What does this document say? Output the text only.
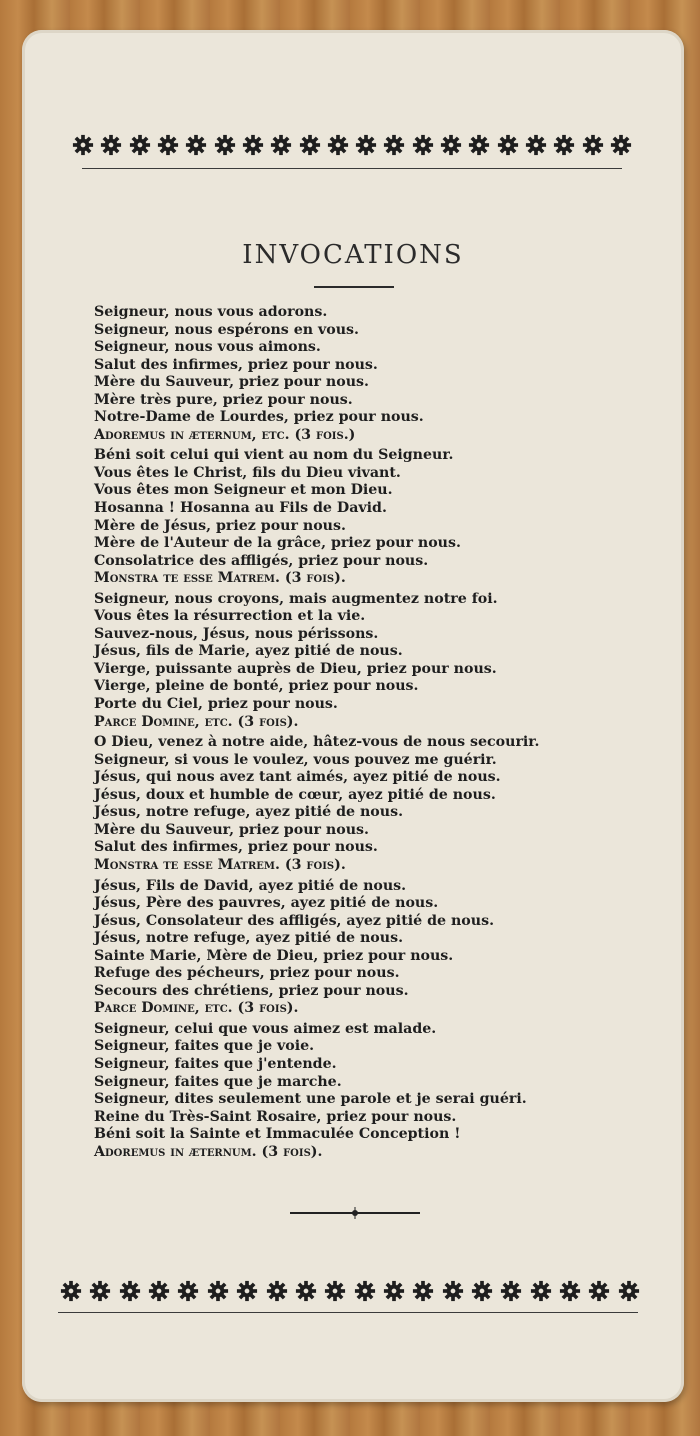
INVOCATIONS
Seigneur, nous vous adorons.
Seigneur, nous espérons en vous.
Seigneur, nous vous aimons.
Salut des infirmes, priez pour nous.
Mère du Sauveur, priez pour nous.
Mère très pure, priez pour nous.
Notre-Dame de Lourdes, priez pour nous.
Adoremus in æternum, etc. (3 fois.)
Béni soit celui qui vient au nom du Seigneur.
Vous êtes le Christ, fils du Dieu vivant.
Vous êtes mon Seigneur et mon Dieu.
Hosanna ! Hosanna au Fils de David.
Mère de Jésus, priez pour nous.
Mère de l'Auteur de la grâce, priez pour nous.
Consolatrice des affligés, priez pour nous.
Monstra te esse Matrem. (3 fois).
Seigneur, nous croyons, mais augmentez notre foi.
Vous êtes la résurrection et la vie.
Sauvez-nous, Jésus, nous périssons.
Jésus, fils de Marie, ayez pitié de nous.
Vierge, puissante auprès de Dieu, priez pour nous.
Vierge, pleine de bonté, priez pour nous.
Porte du Ciel, priez pour nous.
Parce Domine, etc. (3 fois).
O Dieu, venez à notre aide, hâtez-vous de nous secourir.
Seigneur, si vous le voulez, vous pouvez me guérir.
Jésus, qui nous avez tant aimés, ayez pitié de nous.
Jésus, doux et humble de cœur, ayez pitié de nous.
Jésus, notre refuge, ayez pitié de nous.
Mère du Sauveur, priez pour nous.
Salut des infirmes, priez pour nous.
Monstra te esse Matrem. (3 fois).
Jésus, Fils de David, ayez pitié de nous.
Jésus, Père des pauvres, ayez pitié de nous.
Jésus, Consolateur des affligés, ayez pitié de nous.
Jésus, notre refuge, ayez pitié de nous.
Sainte Marie, Mère de Dieu, priez pour nous.
Refuge des pécheurs, priez pour nous.
Secours des chrétiens, priez pour nous.
Parce Domine, etc. (3 fois).
Seigneur, celui que vous aimez est malade.
Seigneur, faites que je voie.
Seigneur, faites que j'entende.
Seigneur, faites que je marche.
Seigneur, dites seulement une parole et je serai guéri.
Reine du Très-Saint Rosaire, priez pour nous.
Béni soit la Sainte et Immaculée Conception !
Adoremus in æternum. (3 fois).
